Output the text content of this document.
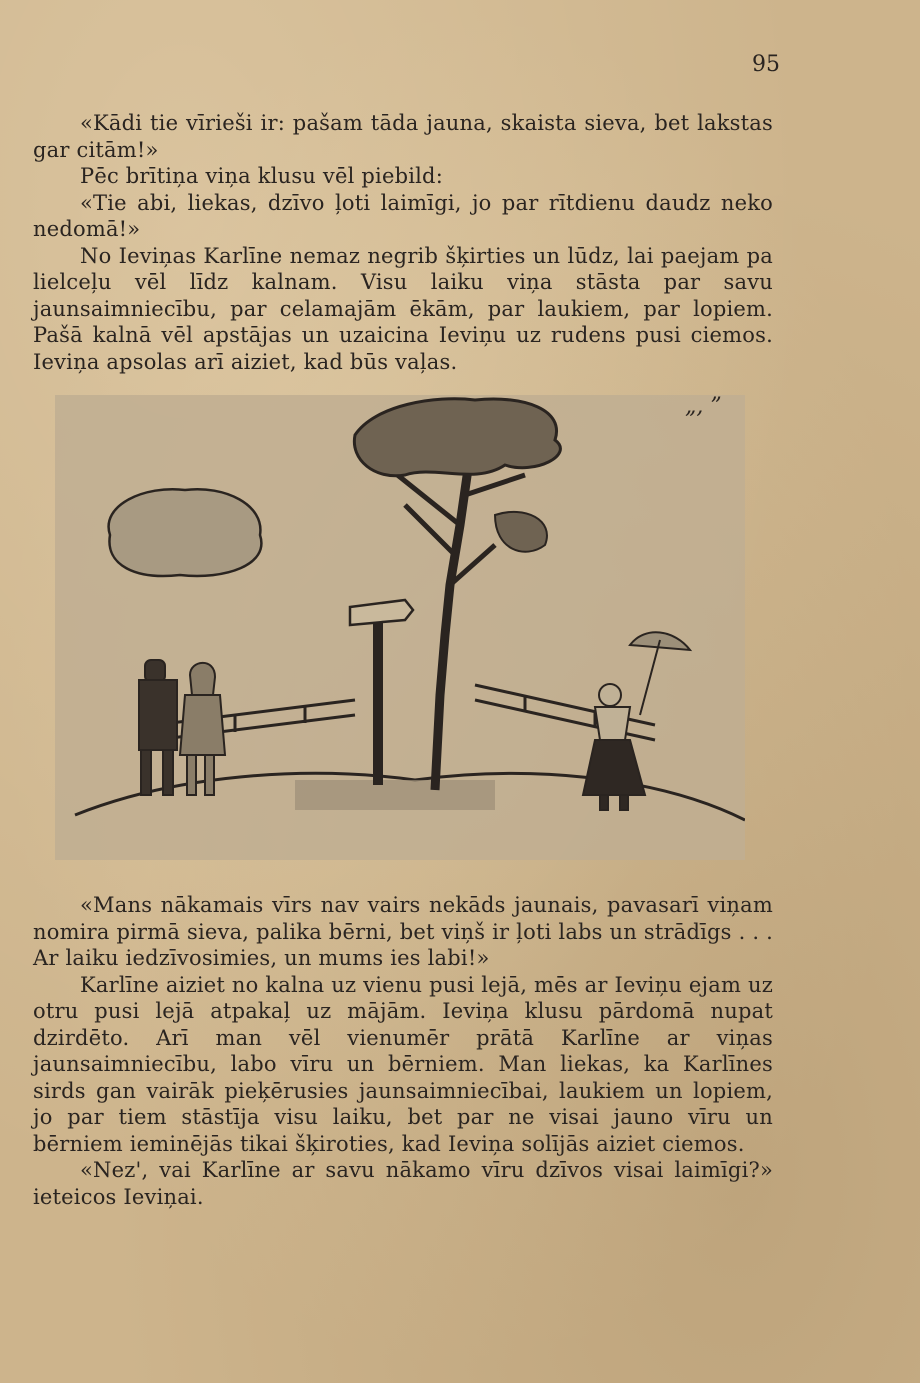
95

«Kādi tie vīrieši ir: pašam tāda jauna, skaista sieva, bet lakstas gar citām!»

Pēc brītiņa viņa klusu vēl piebild:

«Tie abi, liekas, dzīvo ļoti laimīgi, jo par rītdienu daudz neko nedomā!»

No Ieviņas Karlīne nemaz negrib šķirties un lūdz, lai paejam pa lielceļu vēl līdz kalnam. Visu laiku viņa stāsta par savu jaunsaimniecību, par celamajām ēkām, par laukiem, par lopiem. Pašā kalnā vēl apstājas un uzaicina Ieviņu uz rudens pusi ciemos. Ieviņa apsolas arī aiziet, kad būs vaļas.

„, ”

«Mans nākamais vīrs nav vairs nekāds jaunais, pavasarī viņam nomira pirmā sieva, palika bērni, bet viņš ir ļoti labs un strādīgs . . . Ar laiku iedzīvosimies, un mums ies labi!»

Karlīne aiziet no kalna uz vienu pusi lejā, mēs ar Ieviņu ejam uz otru pusi lejā atpakaļ uz mājām. Ieviņa klusu pārdomā nupat dzirdēto. Arī man vēl vienumēr prātā Karlīne ar viņas jaunsaimniecību, labo vīru un bērniem. Man liekas, ka Karlīnes sirds gan vairāk pieķērusies jaunsaimniecībai, laukiem un lopiem, jo par tiem stāstīja visu laiku, bet par ne visai jauno vīru un bērniem ieminējās tikai šķiroties, kad Ieviņa solījās aiziet ciemos.

«Nez', vai Karlīne ar savu nākamo vīru dzīvos visai laimīgi?» ieteicos Ieviņai.
